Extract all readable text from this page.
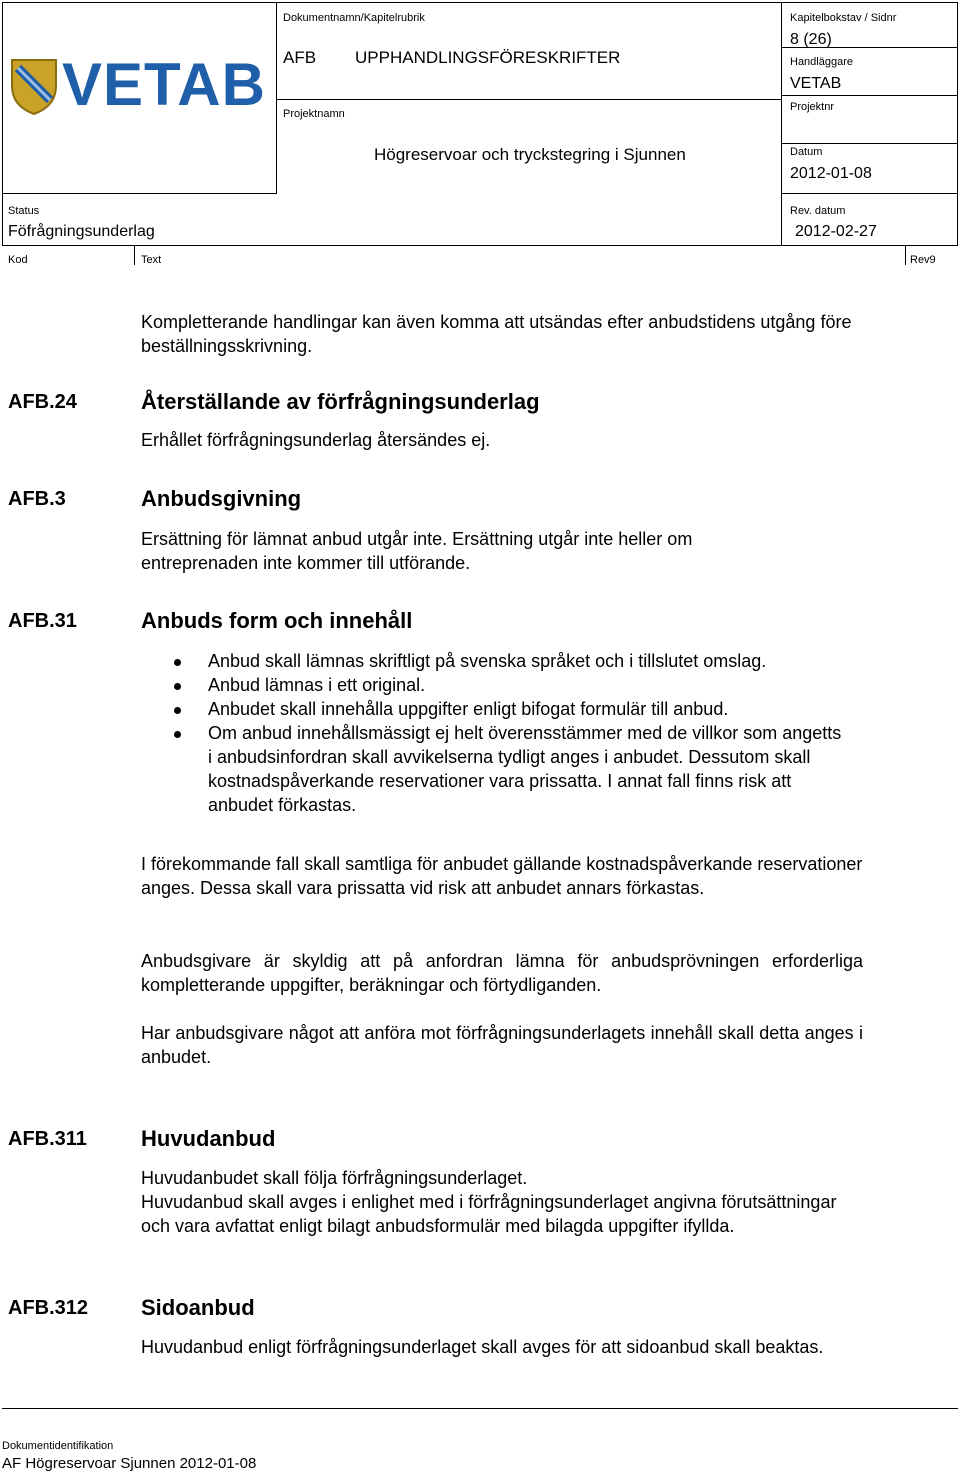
VETAB
Dokumentnamn/Kapitelrubrik
AFB UPPHANDLINGSFÖRESKRIFTER
Projektnamn
Högreservoar och tryckstegring i Sjunnen
Status
Föfrågningsunderlag
Kapitelbokstav / Sidnr
8 (26)
Handläggare
VETAB
Projektnr
Datum
2012-01-08
Rev. datum
2012-02-27
Kod	Text	Rev9
Kompletterande handlingar kan även komma att utsändas efter anbudstidens utgång före beställningsskrivning.
AFB.24	Återställande av förfrågningsunderlag
Erhållet förfrågningsunderlag återsändes ej.
AFB.3	Anbudsgivning
Ersättning för lämnat anbud utgår inte. Ersättning utgår inte heller om entreprenaden inte kommer till utförande.
AFB.31	Anbuds form och innehåll
Anbud skall lämnas skriftligt på svenska språket och i tillslutet omslag.
Anbud lämnas i ett original.
Anbudet skall innehålla uppgifter enligt bifogat formulär till anbud.
Om anbud innehållsmässigt ej helt överensstämmer med de villkor som angetts i anbudsinfordran skall avvikelserna tydligt anges i anbudet. Dessutom skall kostnadspåverkande reservationer vara prissatta. I annat fall finns risk att anbudet förkastas.
I förekommande fall skall samtliga för anbudet gällande kostnadspåverkande reservationer anges. Dessa skall vara prissatta vid risk att anbudet annars förkastas.
Anbudsgivare är skyldig att på anfordran lämna för anbudsprövningen erforderliga kompletterande uppgifter, beräkningar och förtydliganden.
Har anbudsgivare något att anföra mot förfrågningsunderlagets innehåll skall detta anges i anbudet.
AFB.311 Huvudanbud
Huvudanbudet skall följa förfrågningsunderlaget.
Huvudanbud skall avges i enlighet med i förfrågningsunderlaget angivna förutsättningar och vara avfattat enligt bilagt anbudsformulär med bilagda uppgifter ifyllda.
AFB.312 Sidoanbud
Huvudanbud enligt förfrågningsunderlaget skall avges för att sidoanbud skall beaktas.
Dokumentidentifikation
AF Högreservoar Sjunnen 2012-01-08
